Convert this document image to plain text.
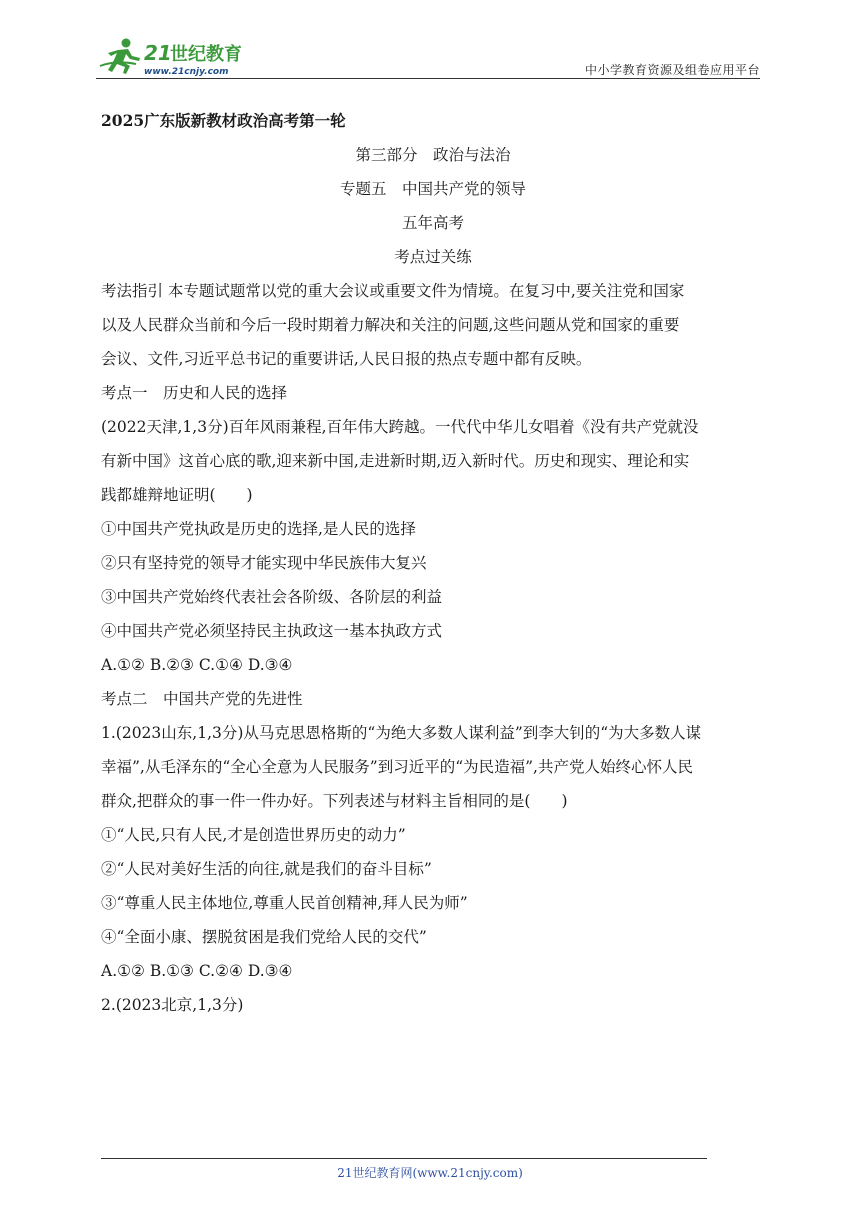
21
世纪教育
www.21cnjy.com	中小学教育资源及组卷应用平台
2025广东版新教材政治高考第一轮
第三部分　政治与法治
专题五　中国共产党的领导
五年高考
考点过关练
考法指引 本专题试题常以党的重大会议或重要文件为情境。在复习中,要关注党和国家
以及人民群众当前和今后一段时期着力解决和关注的问题,这些问题从党和国家的重要
会议、文件,习近平总书记的重要讲话,人民日报的热点专题中都有反映。
考点一　历史和人民的选择
(2022天津,1,3分)百年风雨兼程,百年伟大跨越。一代代中华儿女唱着《没有共产党就没
有新中国》这首心底的歌,迎来新中国,走进新时期,迈入新时代。历史和现实、理论和实
践都雄辩地证明(　　)
①中国共产党执政是历史的选择,是人民的选择
②只有坚持党的领导才能实现中华民族伟大复兴
③中国共产党始终代表社会各阶级、各阶层的利益
④中国共产党必须坚持民主执政这一基本执政方式
A.①② B.②③ C.①④ D.③④
考点二　中国共产党的先进性
1.(2023山东,1,3分)从马克思恩格斯的“为绝大多数人谋利益”到李大钊的“为大多数人谋
幸福”,从毛泽东的“全心全意为人民服务”到习近平的“为民造福”,共产党人始终心怀人民
群众,把群众的事一件一件办好。下列表述与材料主旨相同的是(　　)
①“人民,只有人民,才是创造世界历史的动力”
②“人民对美好生活的向往,就是我们的奋斗目标”
③“尊重人民主体地位,尊重人民首创精神,拜人民为师”
④“全面小康、摆脱贫困是我们党给人民的交代”
A.①② B.①③ C.②④ D.③④
2.(2023北京,1,3分)
21世纪教育网(www.21cnjy.com)
